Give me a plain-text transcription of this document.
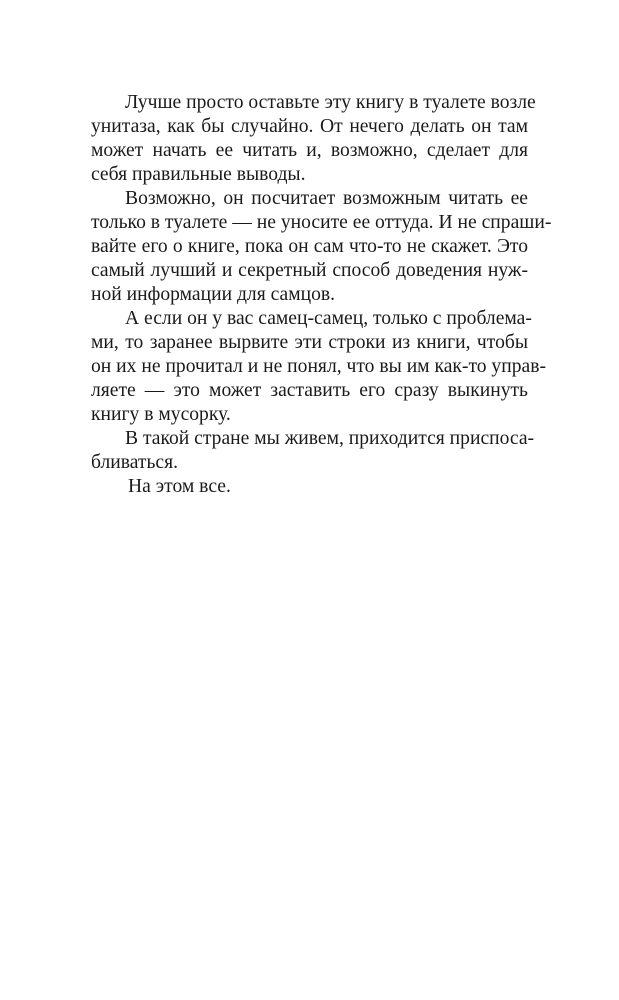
Лучше просто оставьте эту книгу в туалете возле
унитаза, как бы случайно. От нечего делать он там
может начать ее читать и, возможно, сделает для
себя правильные выводы.

Возможно, он посчитает возможным читать ее
только в туалете — не уносите ее оттуда. И не спраши-
вайте его о книге, пока он сам что-то не скажет. Это
самый лучший и секретный способ доведения нуж-
ной информации для самцов.

А если он у вас самец-самец, только с проблема-
ми, то заранее вырвите эти строки из книги, чтобы
он их не прочитал и не понял, что вы им как-то управ-
ляете — это может заставить его сразу выкинуть
книгу в мусорку.

В такой стране мы живем, приходится приспоса-
бливаться.

На этом все.
